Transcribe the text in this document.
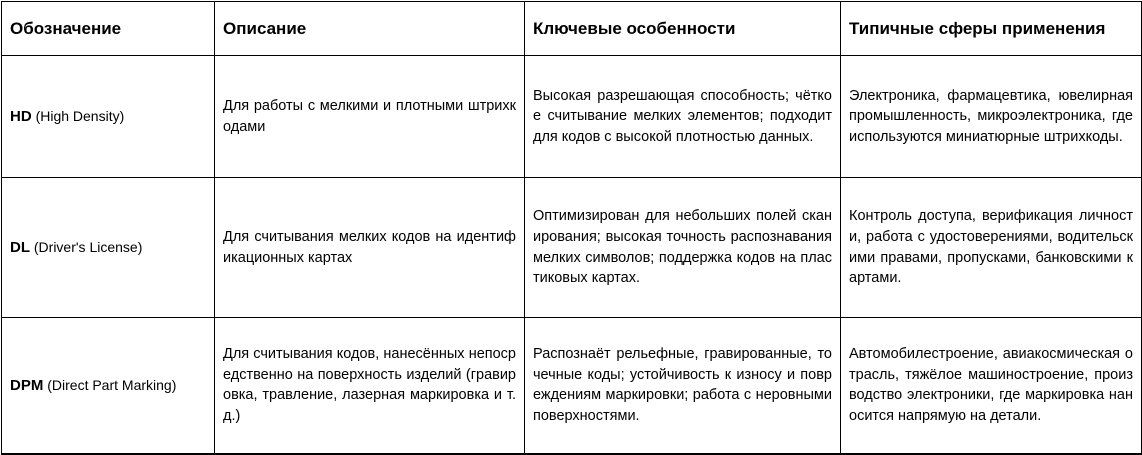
Обозначение	Описание	Ключевые особенности	Типичные сферы применения
HD (High Density)	Для работы с мелкими и плотными штрихкодами	Высокая разрешающая способность; чёткое считывание мелких элементов; подходит для кодов с высокой плотностью данных.	Электроника, фармацевтика, ювелирная промышленность, микроэлектроника, где используются миниатюрные штрихкоды.
DL (Driver's License)	Для считывания мелких кодов на идентификационных картах	Оптимизирован для небольших полей сканирования; высокая точность распознавания мелких символов; поддержка кодов на пластиковых картах.	Контроль доступа, верификация личности, работа с удостоверениями, водительскими правами, пропусками, банковскими картами.
DPM (Direct Part Marking)	Для считывания кодов, нанесённых непосредственно на поверхность изделий (гравировка, травление, лазерная маркировка и т. д.)	Распознаёт рельефные, гравированные, точечные коды; устойчивость к износу и повреждениям маркировки; работа с неровными поверхностями.	Автомобилестроение, авиакосмическая отрасль, тяжёлое машиностроение, производство электроники, где маркировка наносится напрямую на детали.
